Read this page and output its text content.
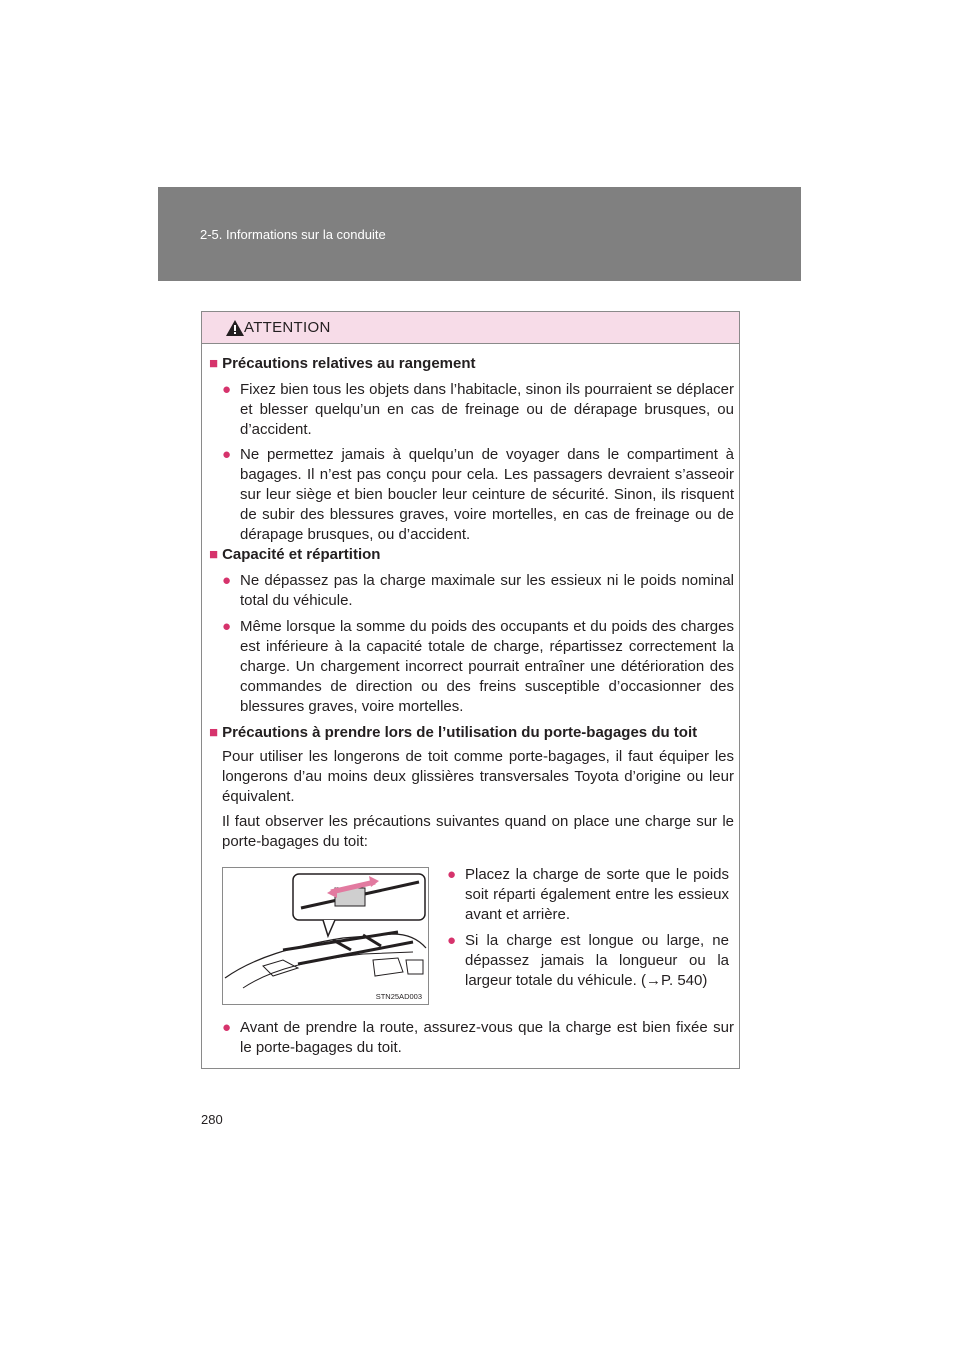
2-5. Informations sur la conduite
ATTENTION
■ Précautions relatives au rangement
● Fixez bien tous les objets dans l’habitacle, sinon ils pourraient se déplacer et blesser quelqu’un en cas de freinage ou de dérapage brusques, ou d’accident.
● Ne permettez jamais à quelqu’un de voyager dans le compartiment à bagages. Il n’est pas conçu pour cela. Les passagers devraient s’asseoir sur leur siège et bien boucler leur ceinture de sécurité. Sinon, ils risquent de subir des blessures graves, voire mortelles, en cas de freinage ou de dérapage brusques, ou d’accident.
■ Capacité et répartition
● Ne dépassez pas la charge maximale sur les essieux ni le poids nominal total du véhicule.
● Même lorsque la somme du poids des occupants et du poids des charges est inférieure à la capacité totale de charge, répartissez correctement la charge. Un chargement incorrect pourrait entraîner une détérioration des commandes de direction ou des freins susceptible d’occasionner des blessures graves, voire mortelles.
■ Précautions à prendre lors de l’utilisation du porte-bagages du toit
Pour utiliser les longerons de toit comme porte-bagages, il faut équiper les longerons d’au moins deux glissières transversales Toyota d’origine ou leur équivalent.
Il faut observer les précautions suivantes quand on place une charge sur le porte-bagages du toit:
STN25AD003
● Placez la charge de sorte que le poids soit réparti également entre les essieux avant et arrière.
● Si la charge est longue ou large, ne dépassez jamais la longueur ou la largeur totale du véhicule. (→P. 540)
● Avant de prendre la route, assurez-vous que la charge est bien fixée sur le porte-bagages du toit.
280
